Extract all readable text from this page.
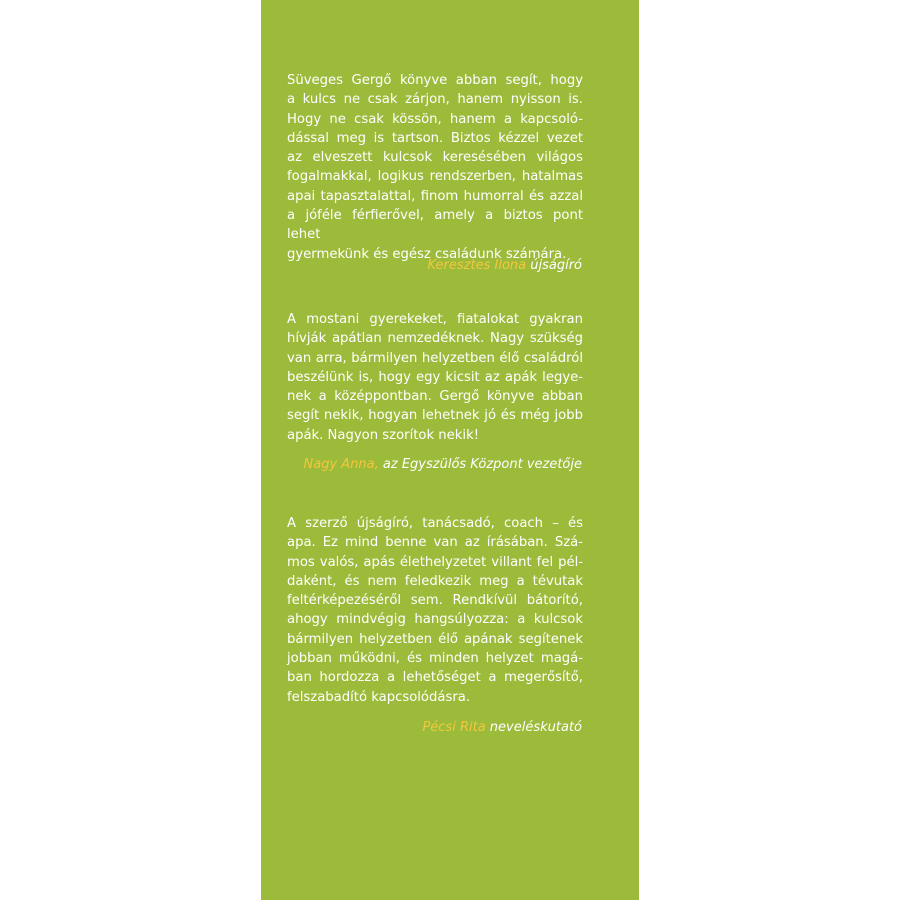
Süveges Gergő könyve abban segít, hogy
a kulcs ne csak zárjon, hanem nyisson is.
Hogy ne csak kössön, hanem a kapcsoló-
dással meg is tartson. Biztos kézzel vezet
az elveszett kulcsok keresésében világos
fogalmakkal, logikus rendszerben, hatalmas
apai tapasztalattal, finom humorral és azzal
a jóféle férfierővel, amely a biztos pont lehet
gyermekünk és egész családunk számára.

Keresztes Ilona újságíró

A mostani gyerekeket, fiatalokat gyakran
hívják apátlan nemzedéknek. Nagy szükség
van arra, bármilyen helyzetben élő családról
beszélünk is, hogy egy kicsit az apák legye-
nek a középpontban. Gergő könyve abban
segít nekik, hogyan lehetnek jó és még jobb
apák. Nagyon szorítok nekik!

Nagy Anna, az Egyszülős Központ vezetője

A szerző újságíró, tanácsadó, coach – és
apa. Ez mind benne van az írásában. Szá-
mos valós, apás élethelyzetet villant fel pél-
daként, és nem feledkezik meg a tévutak
feltérképezéséről sem. Rendkívül bátorító,
ahogy mindvégig hangsúlyozza: a kulcsok
bármilyen helyzetben élő apának segítenek
jobban működni, és minden helyzet magá-
ban hordozza a lehetőséget a megerősítő,
felszabadító kapcsolódásra.

Pécsi Rita neveléskutató
